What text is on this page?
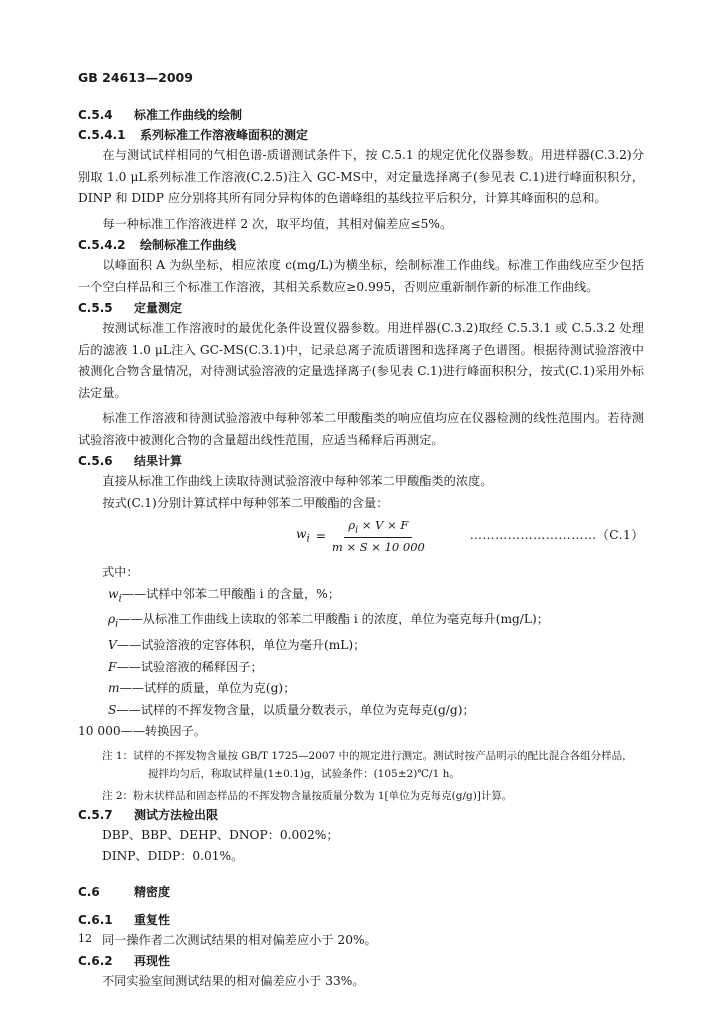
GB 24613—2009
C.5.4 标准工作曲线的绘制
C.5.4.1 系列标准工作溶液峰面积的测定

在与测试试样相同的气相色谱-质谱测试条件下，按 C.5.1 的规定优化仪器参数。用进样器(C.3.2)分别取 1.0 μL系列标准工作溶液(C.2.5)注入 GC-MS中，对定量选择离子(参见表 C.1)进行峰面积积分，DINP 和 DIDP 应分别将其所有同分异构体的色谱峰组的基线拉平后积分，计算其峰面积的总和。

每一种标准工作溶液进样 2 次，取平均值，其相对偏差应≤5%。

C.5.4.2 绘制标准工作曲线

以峰面积 A 为纵坐标，相应浓度 c(mg/L)为横坐标，绘制标准工作曲线。标准工作曲线应至少包括一个空白样品和三个标准工作溶液，其相关系数应≥0.995，否则应重新制作新的标准工作曲线。

C.5.5 定量测定

按测试标准工作溶液时的最优化条件设置仪器参数。用进样器(C.3.2)取经 C.5.3.1 或 C.5.3.2 处理后的滤液 1.0 μL注入 GC-MS(C.3.1)中，记录总离子流质谱图和选择离子色谱图。根据待测试验溶液中被测化合物含量情况，对待测试验溶液的定量选择离子(参见表 C.1)进行峰面积积分，按式(C.1)采用外标法定量。

标准工作溶液和待测试验溶液中每种邻苯二甲酸酯类的响应值均应在仪器检测的线性范围内。若待测试验溶液中被测化合物的含量超出线性范围，应适当稀释后再测定。

C.5.6 结果计算

直接从标准工作曲线上读取待测试验溶液中每种邻苯二甲酸酯类的浓度。

按式(C.1)分别计算试样中每种邻苯二甲酸酯的含量：

$w_i = \frac{\rho_i \times V \times F}{m \times S \times 10 000}$	…………………………（C.1）
式中：
$w_i——$试样中邻苯二甲酸酯 i 的含量，%；
$\rho_i——$从标准工作曲线上读取的邻苯二甲酸酯 i 的浓度，单位为毫克每升(mg/L)；
V——试验溶液的定容体积，单位为毫升(mL)；
F——试验溶液的稀释因子；
m——试样的质量，单位为克(g)；
S——试样的不挥发物含量，以质量分数表示，单位为克每克(g/g)；
10 000——转换因子。
注 1：试样的不挥发物含量按 GB/T 1725—2007 中的规定进行测定。测试时按产品明示的配比混合各组分样品，
搅拌均匀后，称取试样量(1±0.1)g，试验条件：(105±2)℃/1 h。
注 2：粉末状样品和固态样品的不挥发物含量按质量分数为 1[单位为克每克(g/g)]计算。
C.5.7 测试方法检出限
DBP、BBP、DEHP、DNOP：0.002%；
DINP、DIDP：0.01%。
C.6	精密度
C.6.1 重复性
同一操作者二次测试结果的相对偏差应小于 20%。
C.6.2 再现性
不同实验室间测试结果的相对偏差应小于 33%。
12
